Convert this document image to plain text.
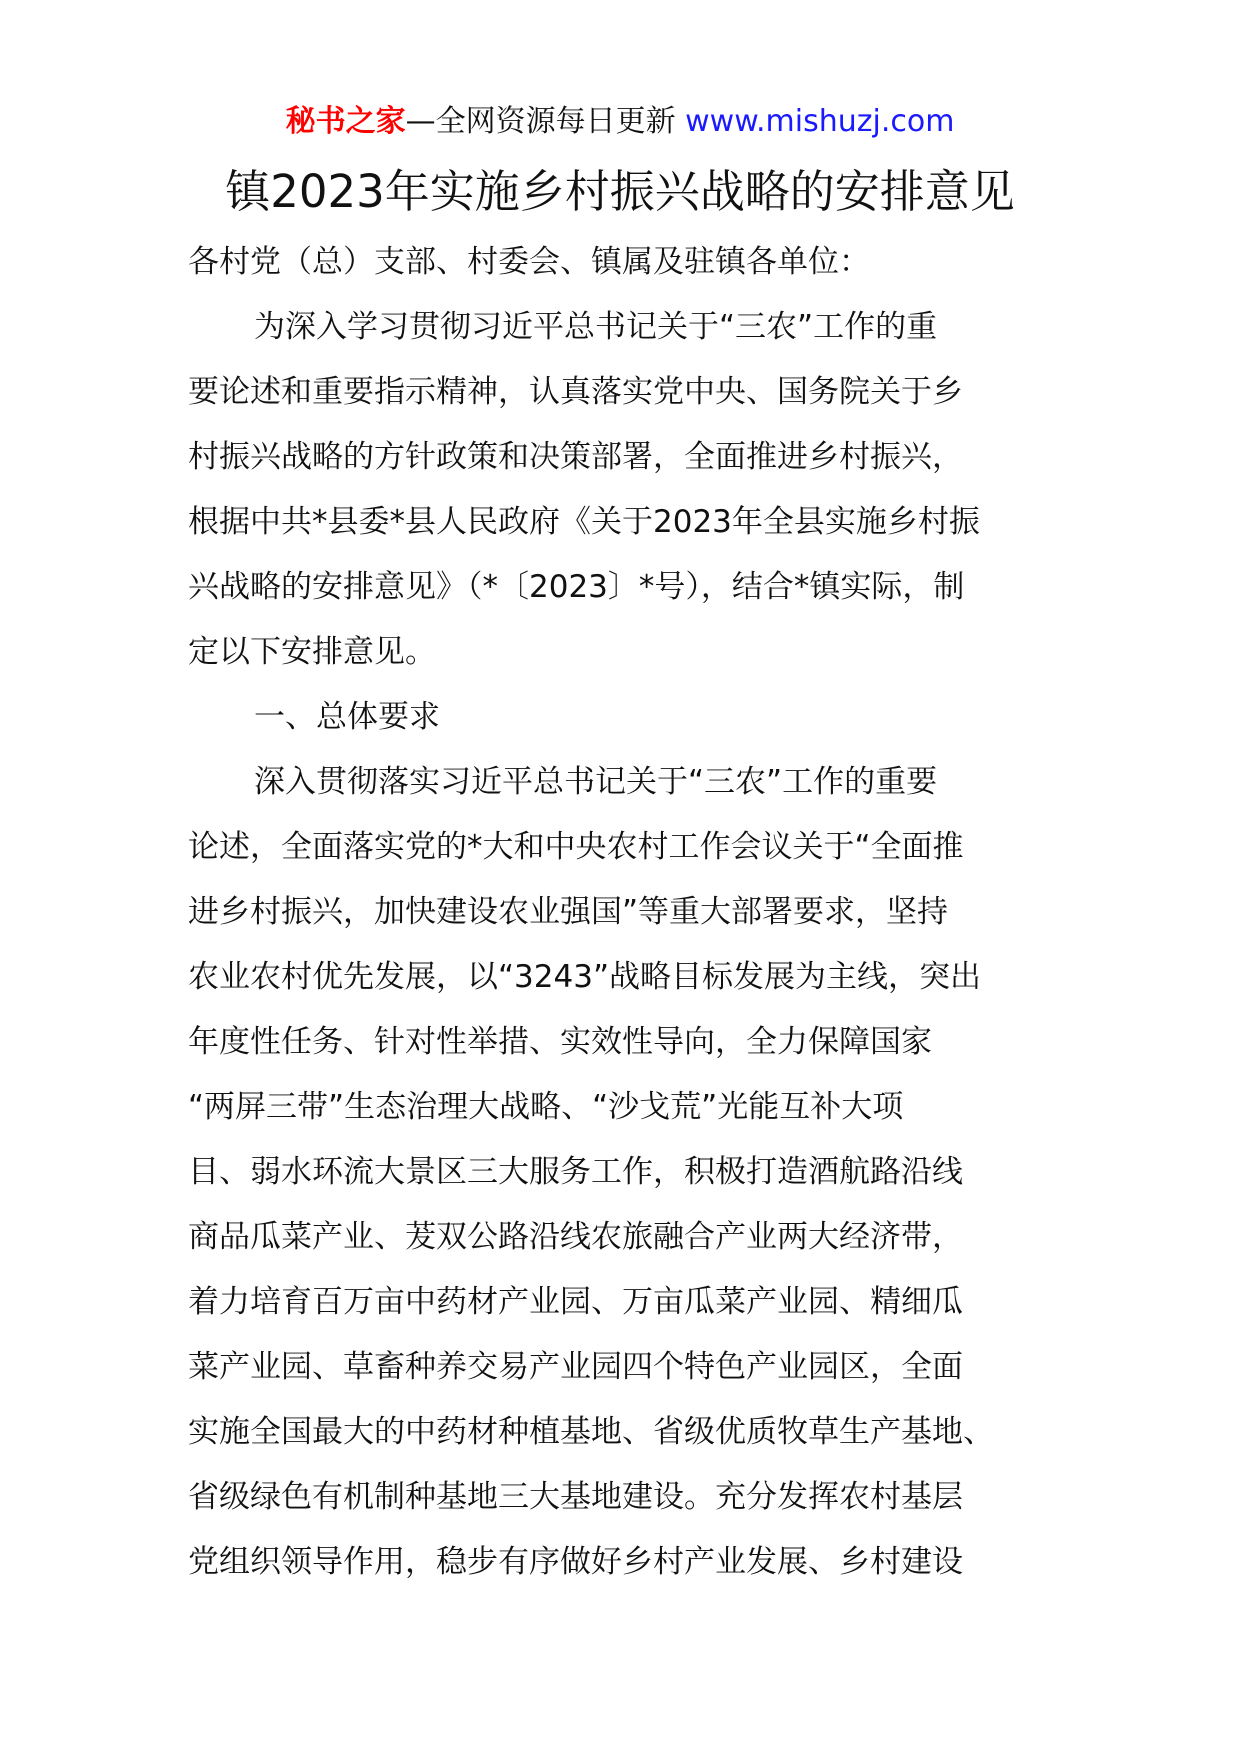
秘书之家—全网资源每日更新 www.mishuzj.com
镇2023年实施乡村振兴战略的安排意见
各村党（总）支部、村委会、镇属及驻镇各单位：
为深入学习贯彻习近平总书记关于“三农”工作的重
要论述和重要指示精神，认真落实党中央、国务院关于乡
村振兴战略的方针政策和决策部署，全面推进乡村振兴，
根据中共*县委*县人民政府《关于2023年全县实施乡村振
兴战略的安排意见》（*〔2023〕*号），结合*镇实际，制
定以下安排意见。
一、总体要求
深入贯彻落实习近平总书记关于“三农”工作的重要
论述，全面落实党的*大和中央农村工作会议关于“全面推
进乡村振兴，加快建设农业强国”等重大部署要求，坚持
农业农村优先发展，以“3243”战略目标发展为主线，突出
年度性任务、针对性举措、实效性导向，全力保障国家
“两屏三带”生态治理大战略、“沙戈荒”光能互补大项
目、弱水环流大景区三大服务工作，积极打造酒航路沿线
商品瓜菜产业、茇双公路沿线农旅融合产业两大经济带，
着力培育百万亩中药材产业园、万亩瓜菜产业园、精细瓜
菜产业园、草畜种养交易产业园四个特色产业园区，全面
实施全国最大的中药材种植基地、省级优质牧草生产基地、
省级绿色有机制种基地三大基地建设。充分发挥农村基层
党组织领导作用，稳步有序做好乡村产业发展、乡村建设
